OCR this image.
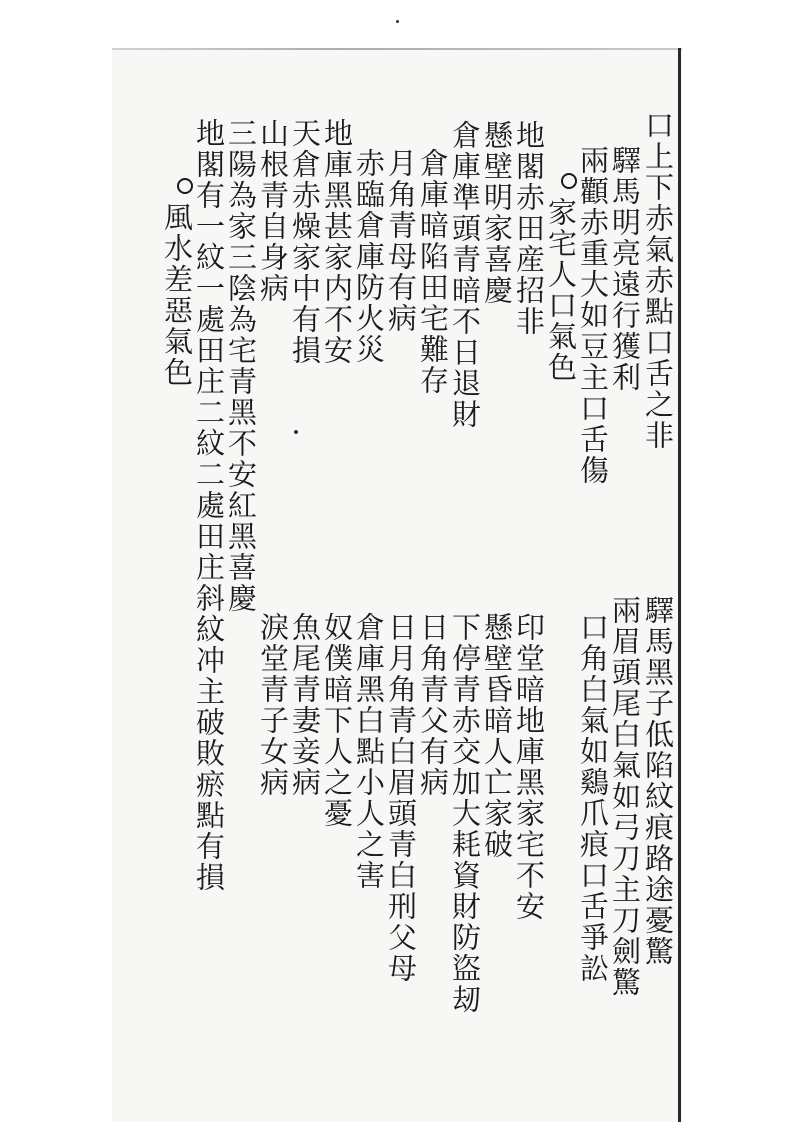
口上下赤氣赤點口舌之非
驛馬明亮遠行獲利
兩顴赤重大如豆主口舌傷
家宅人口氣色
地閣赤田産招非
懸壁明家喜慶
倉庫準頭青暗不日退財
倉庫暗陷田宅難存
月角青母有病
赤臨倉庫防火災
地庫黑甚家内不安
天倉赤燥家中有損
山根青自身病
三陽為家三陰為宅青黑不安紅黑喜慶
地閣有一紋一處田庄二紋二處田庄斜紋冲主破敗瘀點有損
風水差惡氣色
驛馬黑子低陷紋痕路途憂驚
兩眉頭尾白氣如弓刀主刀劍驚
口角白氣如鷄爪痕口舌爭訟
印堂暗地庫黑家宅不安
懸壁昏暗人亡家破
下停青赤交加大耗資財防盜刼
日角青父有病
日月角青白眉頭青白刑父母
倉庫黑白點小人之害
魚尾青妻妾病
奴僕暗下人之憂
淚堂青子女病
